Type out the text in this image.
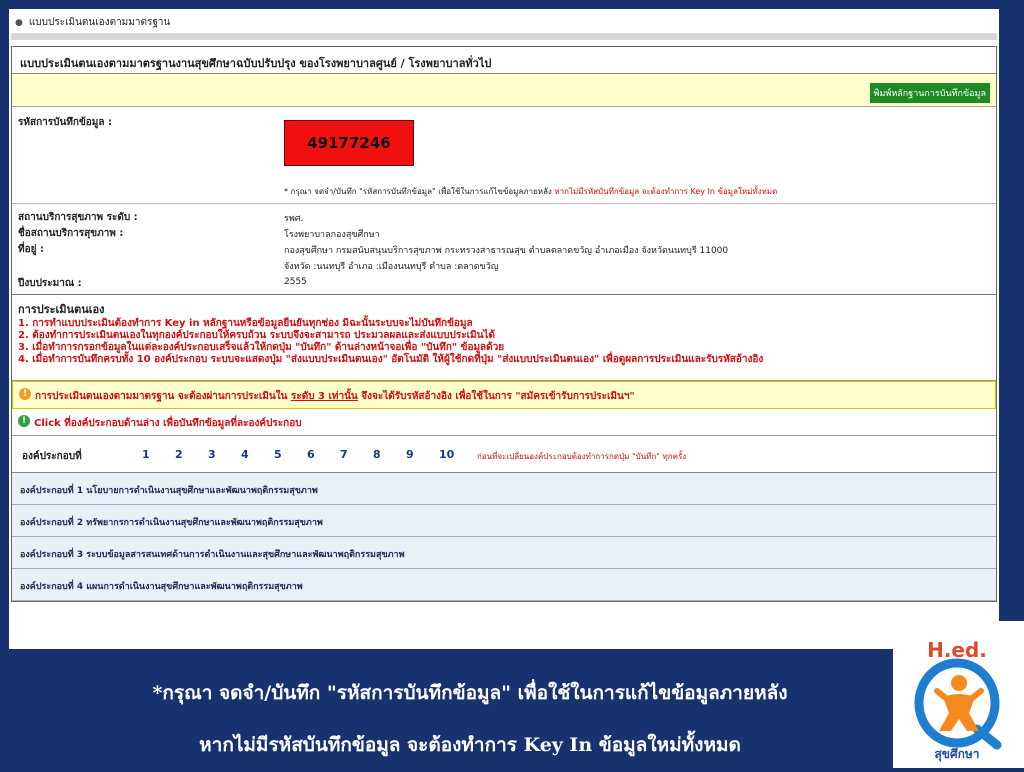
● แบบประเมินตนเองตามมาตรฐาน
แบบประเมินตนเองตามมาตรฐานงานสุขศึกษาฉบับปรับปรุง ของโรงพยาบาลศูนย์ / โรงพยาบาลทั่วไป
พิมพ์หลักฐานการบันทึกข้อมูล
รหัสการบันทึกข้อมูล :
49177246
* กรุณา จดจำ/บันทึก "รหัสการบันทึกข้อมูล" เพื่อใช้ในการแก้ไขข้อมูลภายหลัง หากไม่มีรหัสบันทึกข้อมูล จะต้องทำการ Key In ข้อมูลใหม่ทั้งหมด
สถานบริการสุขภาพ ระดับ :	รพศ.
ชื่อสถานบริการสุขภาพ :	โรงพยาบาลกองสุขศึกษา
ที่อยู่ :	กองสุขศึกษา กรมสนับสนุนบริการสุขภาพ กระทรวงสาธารณสุข ตำบลตลาดขวัญ อำเภอเมือง จังหวัดนนทบุรี 11000
จังหวัด :นนทบุรี อำเภอ :เมืองนนทบุรี ตำบล :ตลาดขวัญ
ปีงบประมาณ :	2555
การประเมินตนเอง
1. การทำแบบประเมินต้องทำการ Key in หลักฐานหรือข้อมูลยืนยันทุกช่อง มิฉะนั้นระบบจะไม่บันทึกข้อมูล
2. ต้องทำการประเมินตนเองในทุกองค์ประกอบให้ครบถ้วน ระบบจึงจะสามารถ ประมวลผลและส่งแบบประเมินได้
3. เมื่อทำการกรอกข้อมูลในแต่ละองค์ประกอบเสร็จแล้วให้กดปุ่ม "บันทึก" ด้านล่างหน้าจอเพื่อ "บันทึก" ข้อมูลด้วย
4. เมื่อทำการบันทึกครบทั้ง 10 องค์ประกอบ ระบบจะแสดงปุ่ม "ส่งแบบประเมินตนเอง" อัตโนมัติ ให้ผู้ใช้กดที่ปุ่ม "ส่งแบบประเมินตนเอง" เพื่อดูผลการประเมินและรับรหัสอ้างอิง
! การประเมินตนเองตามมาตรฐาน จะต้องผ่านการประเมินใน ระดับ 3 เท่านั้น จึงจะได้รับรหัสอ้างอิง เพื่อใช้ในการ "สมัครเข้ารับการประเมินฯ"
! Click ที่องค์ประกอบด้านล่าง เพื่อบันทึกข้อมูลที่ละองค์ประกอบ
องค์ประกอบที่	1 2 3 4 5 6 7 8 9 10	ก่อนที่จะเปลี่ยนองค์ประกอบต้องทำการกดปุ่ม "บันทึก" ทุกครั้ง
องค์ประกอบที่ 1 นโยบายการดำเนินงานสุขศึกษาและพัฒนาพฤติกรรมสุขภาพ
องค์ประกอบที่ 2 ทรัพยากรการดำเนินงานสุขศึกษาและพัฒนาพฤติกรรมสุขภาพ
องค์ประกอบที่ 3 ระบบข้อมูลสารสนเทศด้านการดำเนินงานและสุขศึกษาและพัฒนาพฤติกรรมสุขภาพ
องค์ประกอบที่ 4 แผนการดำเนินงานสุขศึกษาและพัฒนาพฤติกรรมสุขภาพ
*กรุณา จดจำ/บันทึก "รหัสการบันทึกข้อมูล" เพื่อใช้ในการแก้ไขข้อมูลภายหลัง
หากไม่มีรหัสบันทึกข้อมูล จะต้องทำการ Key In ข้อมูลใหม่ทั้งหมด
H.ed.
สุขศึกษา
